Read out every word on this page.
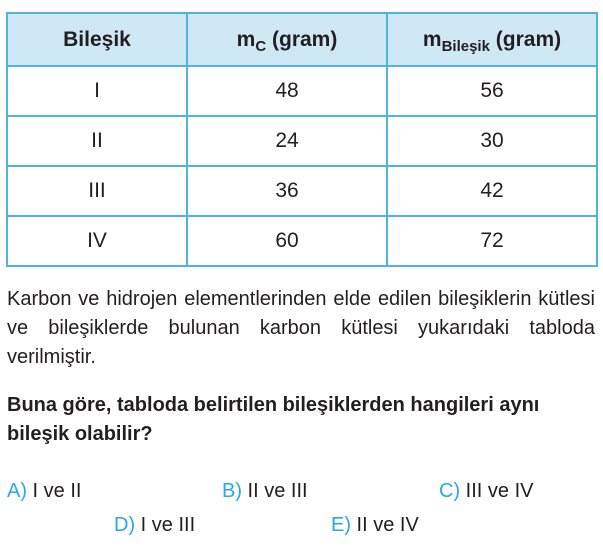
Bileşik	$m_C$ (gram)	$m_{Bileşik}$ (gram)
I	48	56
II	24	30
III	36	42
IV	60	72

Karbon ve hidrojen elementlerinden elde edilen bileşiklerin kütlesi ve bileşiklerde bulunan karbon kütlesi yukarıdaki tabloda verilmiştir.

Buna göre, tabloda belirtilen bileşiklerden hangileri aynı bileşik olabilir?

A) I ve II	B) II ve III	C) III ve IV
D) I ve III	E) II ve IV
